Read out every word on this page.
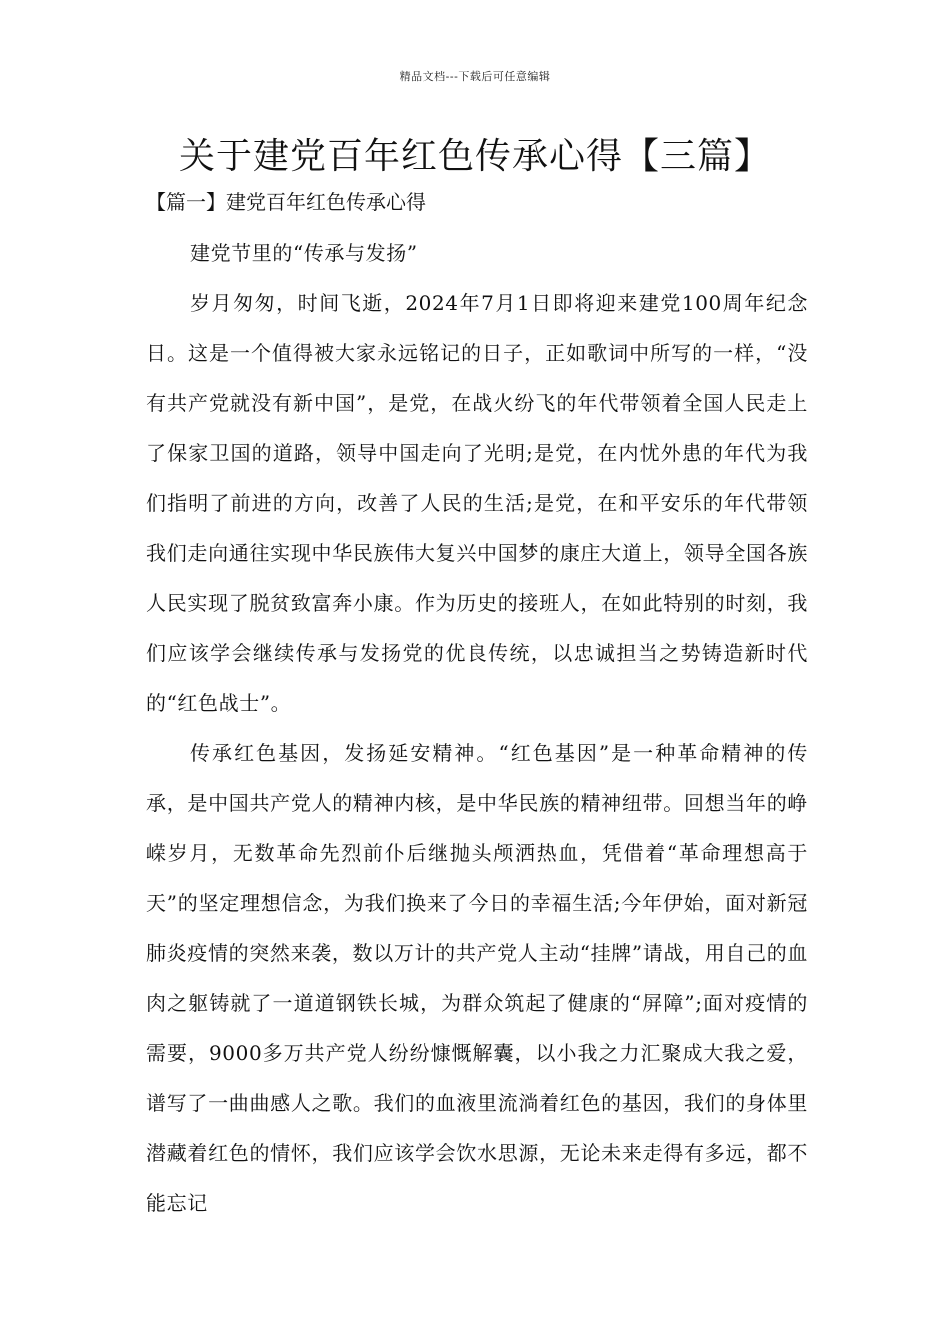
精品文档---下载后可任意编辑
关于建党百年红色传承心得【三篇】
【篇一】建党百年红色传承心得

建党节里的“传承与发扬”

岁月匆匆，时间飞逝，2024年7月1日即将迎来建党100周年纪念日。这是一个值得被大家永远铭记的日子，正如歌词中所写的一样，“没有共产党就没有新中国”，是党，在战火纷飞的年代带领着全国人民走上了保家卫国的道路，领导中国走向了光明;是党，在内忧外患的年代为我们指明了前进的方向，改善了人民的生活;是党，在和平安乐的年代带领我们走向通往实现中华民族伟大复兴中国梦的康庄大道上，领导全国各族人民实现了脱贫致富奔小康。作为历史的接班人，在如此特别的时刻，我们应该学会继续传承与发扬党的优良传统，以忠诚担当之势铸造新时代的“红色战士”。

传承红色基因，发扬延安精神。“红色基因”是一种革命精神的传承，是中国共产党人的精神内核，是中华民族的精神纽带。回想当年的峥嵘岁月，无数革命先烈前仆后继抛头颅洒热血，凭借着“革命理想高于天”的坚定理想信念，为我们换来了今日的幸福生活;今年伊始，面对新冠肺炎疫情的突然来袭，数以万计的共产党人主动“挂牌”请战，用自己的血肉之躯铸就了一道道钢铁长城，为群众筑起了健康的“屏障”;面对疫情的需要，9000多万共产党人纷纷慷慨解囊，以小我之力汇聚成大我之爱，谱写了一曲曲感人之歌。我们的血液里流淌着红色的基因，我们的身体里潜藏着红色的情怀，我们应该学会饮水思源，无论未来走得有多远，都不能忘记
